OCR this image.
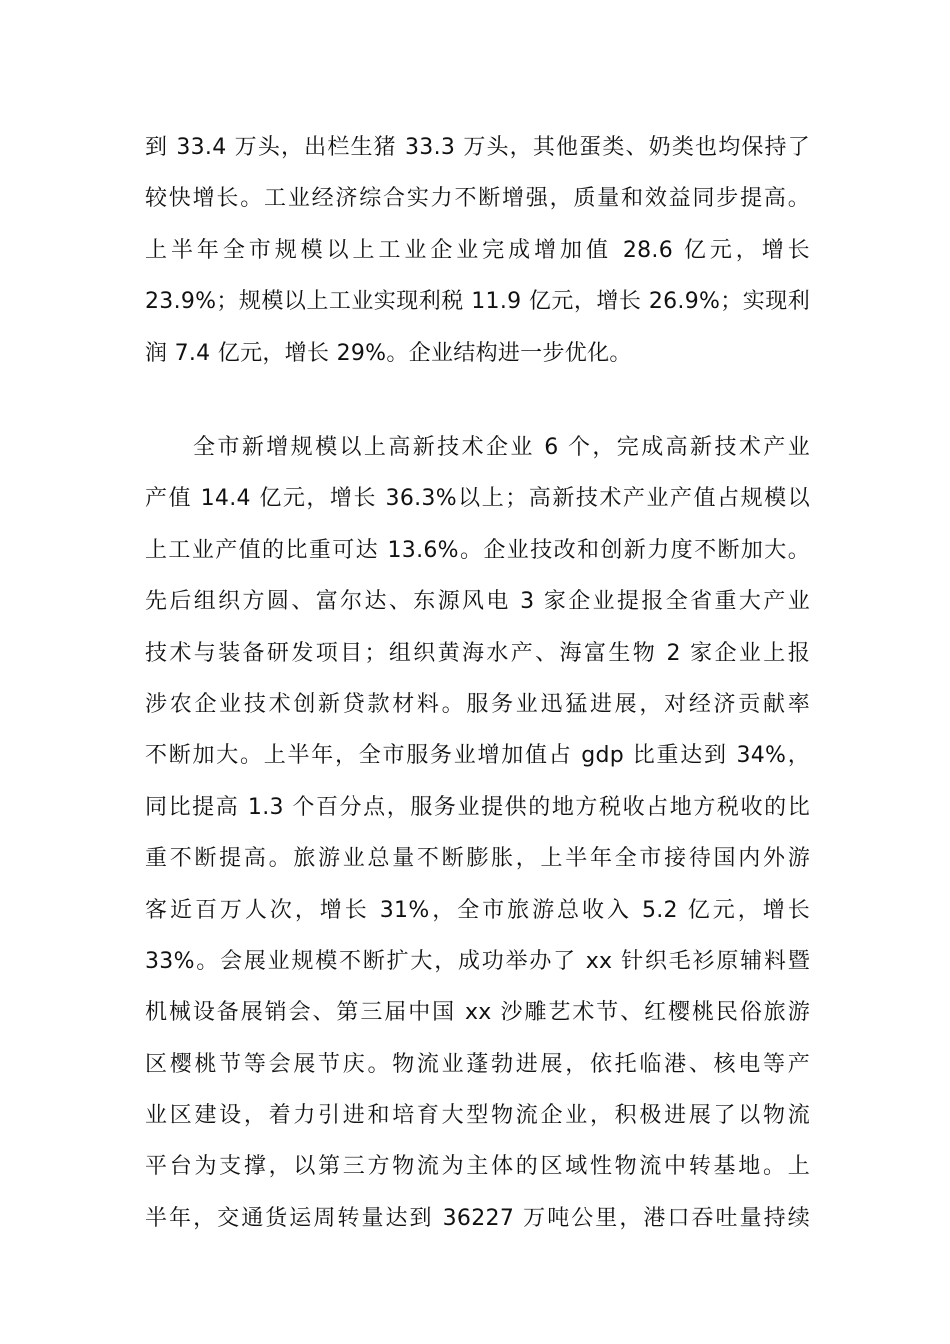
到 33.4 万头，出栏生猪 33.3 万头，其他蛋类、奶类也均保持了
较快增长。工业经济综合实力不断增强，质量和效益同步提高。
上半年全市规模以上工业企业完成增加值 28.6 亿元，增长
23.9%；规模以上工业实现利税 11.9 亿元，增长 26.9%；实现利
润 7.4 亿元，增长 29%。企业结构进一步优化。
全市新增规模以上高新技术企业 6 个，完成高新技术产业
产值 14.4 亿元，增长 36.3%以上；高新技术产业产值占规模以
上工业产值的比重可达 13.6%。企业技改和创新力度不断加大。
先后组织方圆、富尔达、东源风电 3 家企业提报全省重大产业
技术与装备研发项目；组织黄海水产、海富生物 2 家企业上报
涉农企业技术创新贷款材料。服务业迅猛进展，对经济贡献率
不断加大。上半年，全市服务业增加值占 gdp 比重达到 34%，
同比提高 1.3 个百分点，服务业提供的地方税收占地方税收的比
重不断提高。旅游业总量不断膨胀，上半年全市接待国内外游
客近百万人次，增长 31%，全市旅游总收入 5.2 亿元，增长
33%。会展业规模不断扩大，成功举办了 xx 针织毛衫原辅料暨
机械设备展销会、第三届中国 xx 沙雕艺术节、红樱桃民俗旅游
区樱桃节等会展节庆。物流业蓬勃进展，依托临港、核电等产
业区建设，着力引进和培育大型物流企业，积极进展了以物流
平台为支撑，以第三方物流为主体的区域性物流中转基地。上
半年，交通货运周转量达到 36227 万吨公里，港口吞吐量持续
